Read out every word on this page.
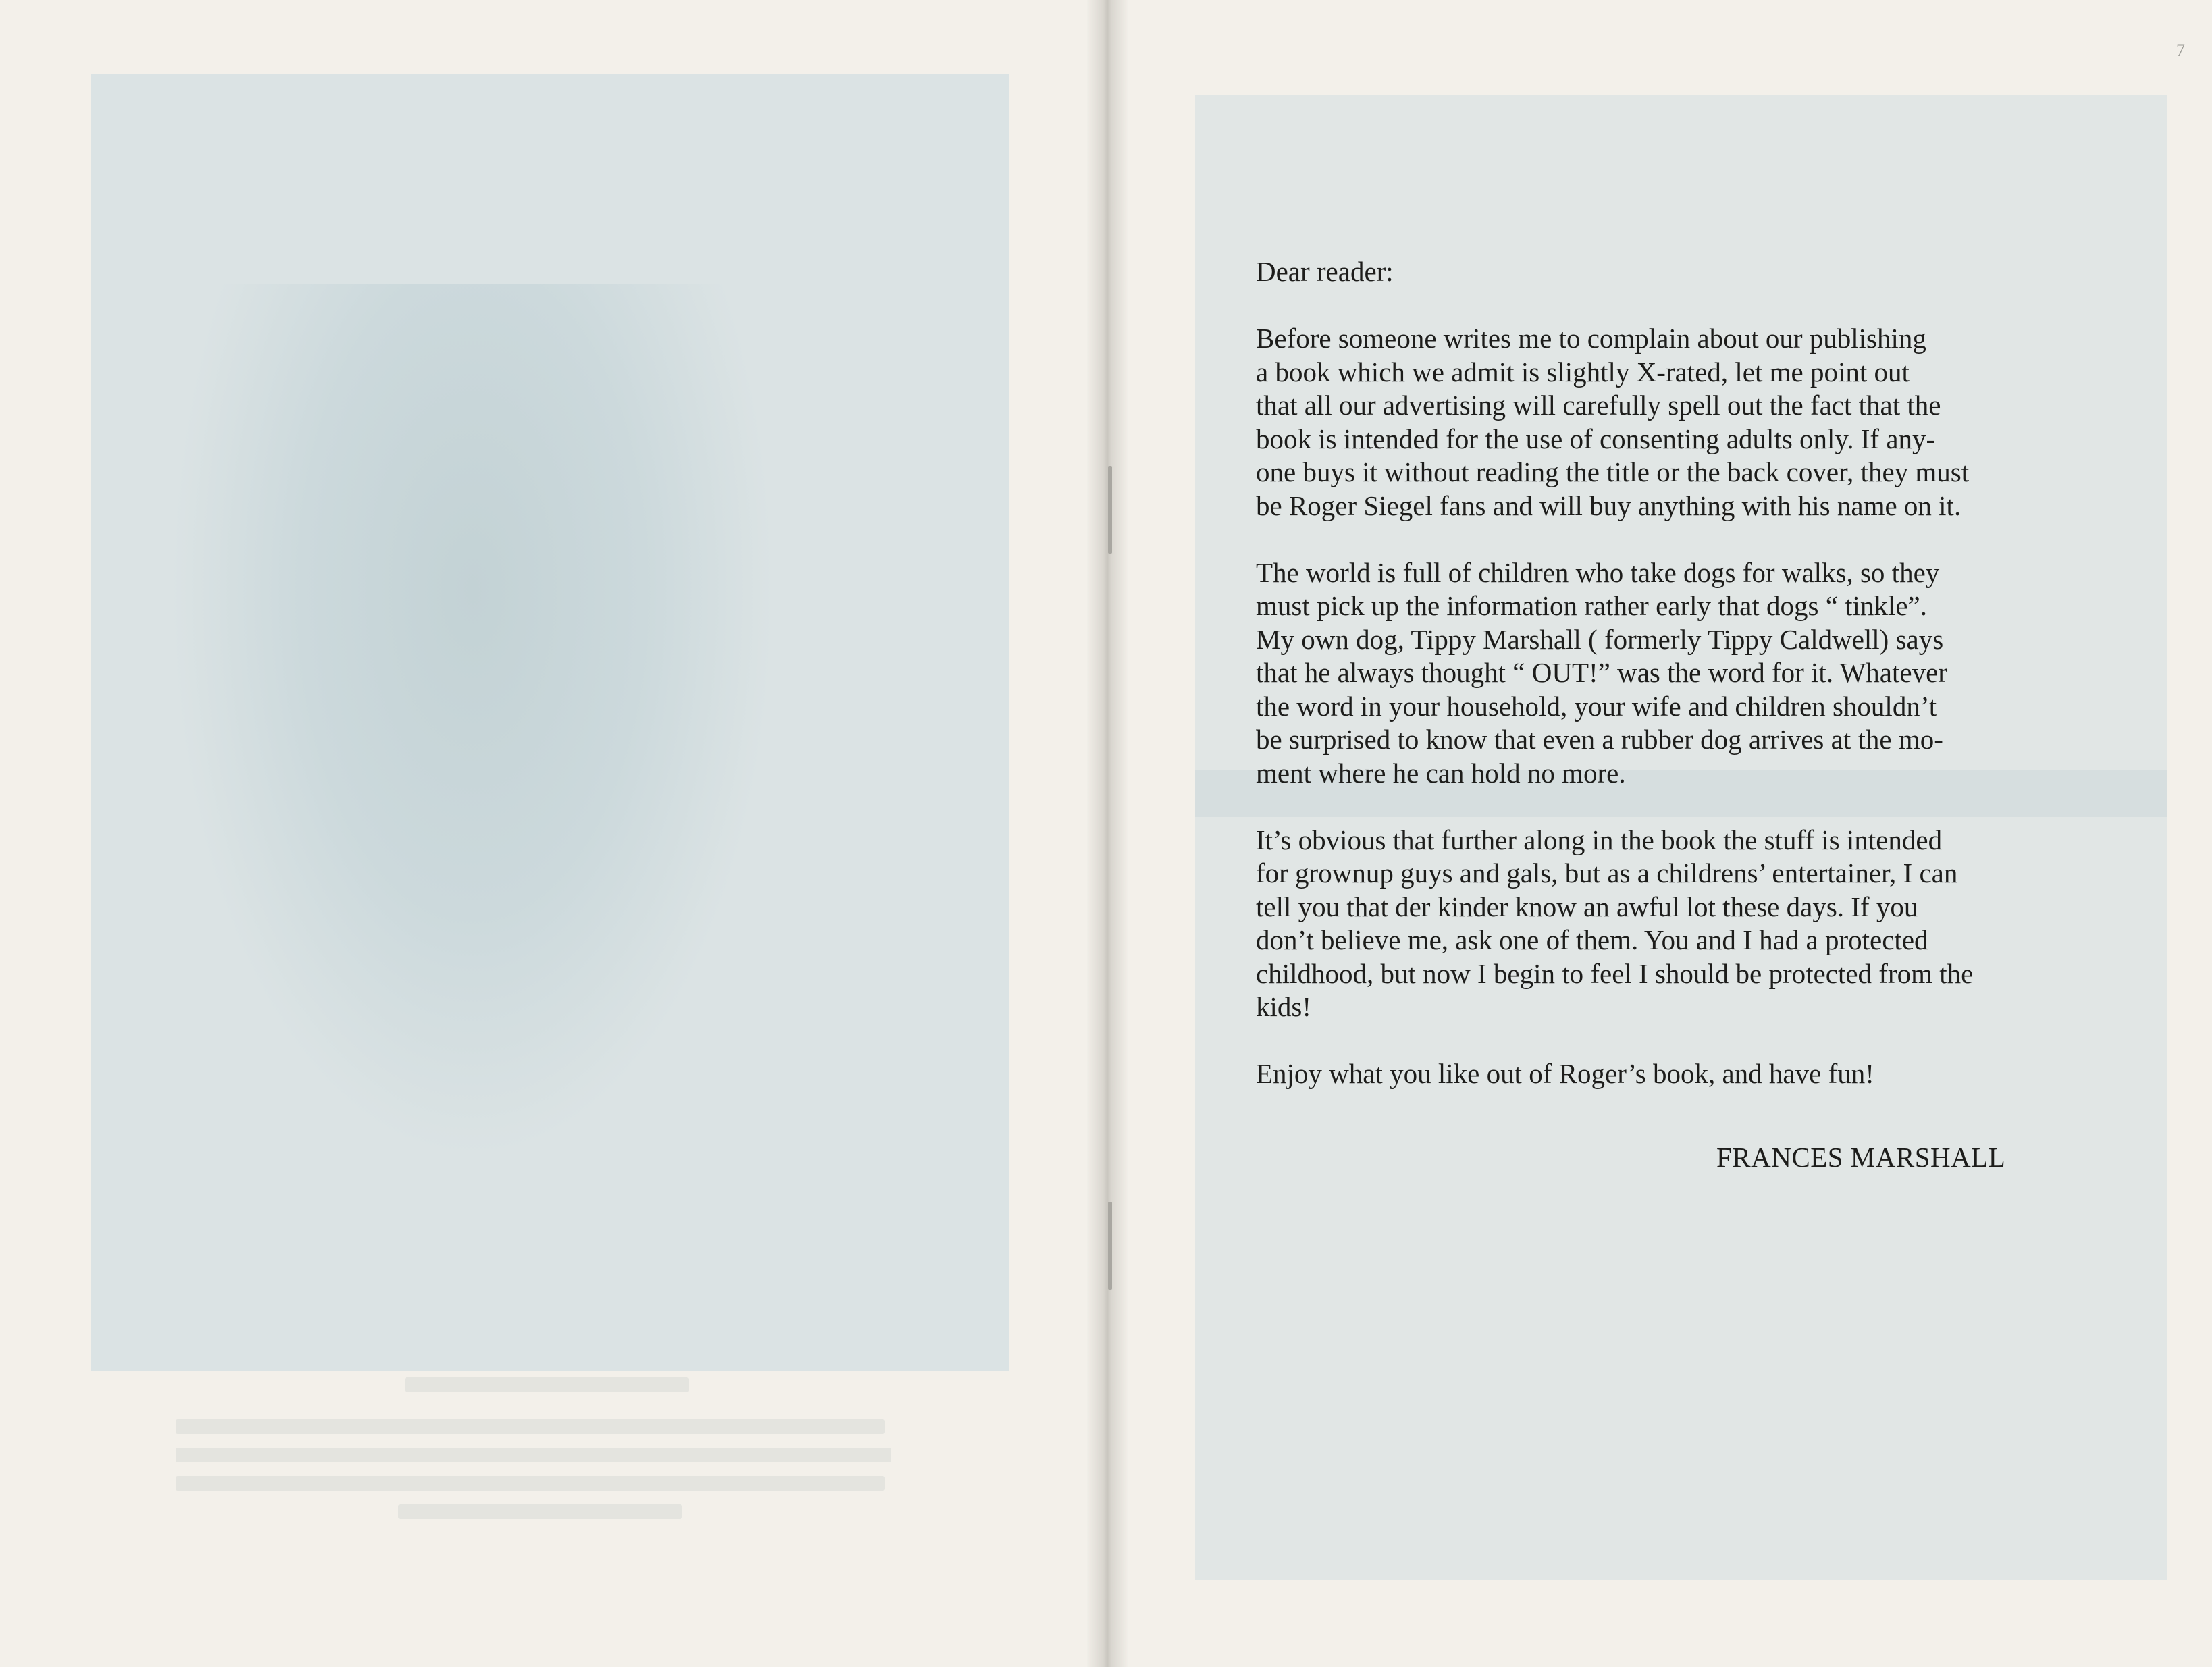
7

Dear reader:

Before someone writes me to complain about our publishing
a book which we admit is slightly X-rated, let me point out
that all our advertising will carefully spell out the fact that the
book is intended for the use of consenting adults only. If any-
one buys it without reading the title or the back cover, they must
be Roger Siegel fans and will buy anything with his name on it.

The world is full of children who take dogs for walks, so they
must pick up the information rather early that dogs “ tinkle”.
My own dog, Tippy Marshall ( formerly Tippy Caldwell) says
that he always thought “ OUT!” was the word for it. Whatever
the word in your household, your wife and children shouldn’t
be surprised to know that even a rubber dog arrives at the mo-
ment where he can hold no more.

It’s obvious that further along in the book the stuff is intended
for grownup guys and gals, but as a childrens’ entertainer, I can
tell you that der kinder know an awful lot these days. If you
don’t believe me, ask one of them. You and I had a protected
childhood, but now I begin to feel I should be protected from the
kids!

Enjoy what you like out of Roger’s book, and have fun!

FRANCES MARSHALL
